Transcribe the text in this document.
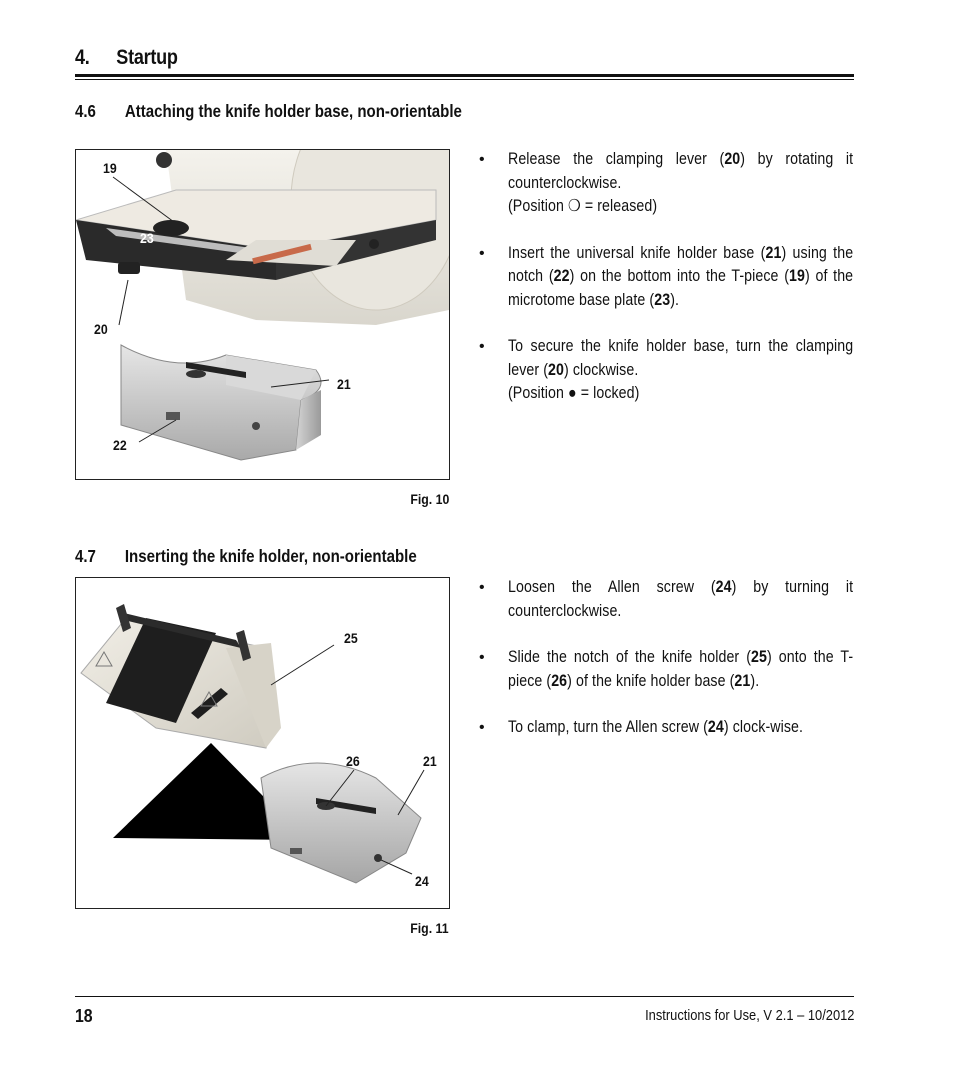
4. Startup
4.6 Attaching the knife holder base, non-orientable
19
23
20
21
22
Fig. 10
• Release the clamping lever (20) by rotating it counterclockwise.
(Position ❍ = released)
• Insert the universal knife holder base (21) using the notch (22) on the bottom into the T-piece (19) of the microtome base plate (23).
• To secure the knife holder base, turn the clamping lever (20) clockwise.
(Position ● = locked)
4.7 Inserting the knife holder, non-orientable
25
26	21
24
Fig. 11
• Loosen the Allen screw (24) by turning it counterclockwise.
• Slide the notch of the knife holder (25) onto the T-piece (26) of the knife holder base (21).
• To clamp, turn the Allen screw (24) clock-wise.
18	Instructions for Use, V 2.1 – 10/2012
